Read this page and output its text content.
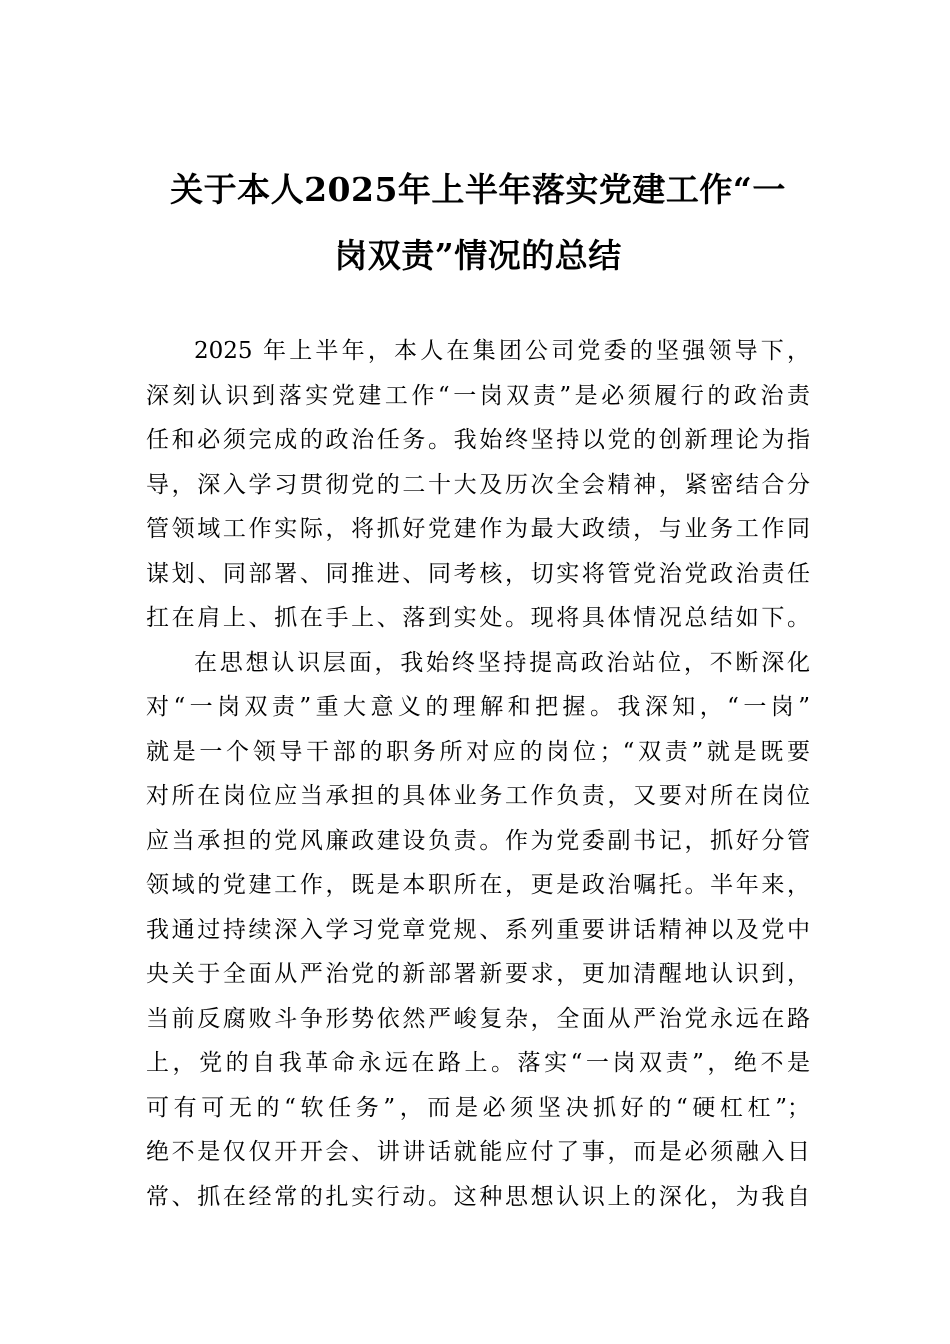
关于本人2025年上半年落实党建工作“一
岗双责”情况的总结
2025 年上半年，本人在集团公司党委的坚强领导下，
深刻认识到落实党建工作“一岗双责”是必须履行的政治责
任和必须完成的政治任务。我始终坚持以党的创新理论为指
导，深入学习贯彻党的二十大及历次全会精神，紧密结合分
管领域工作实际，将抓好党建作为最大政绩，与业务工作同
谋划、同部署、同推进、同考核，切实将管党治党政治责任
扛在肩上、抓在手上、落到实处。现将具体情况总结如下。
在思想认识层面，我始终坚持提高政治站位，不断深化
对“一岗双责”重大意义的理解和把握。我深知，“一岗”
就是一个领导干部的职务所对应的岗位；“双责”就是既要
对所在岗位应当承担的具体业务工作负责，又要对所在岗位
应当承担的党风廉政建设负责。作为党委副书记，抓好分管
领域的党建工作，既是本职所在，更是政治嘱托。半年来，
我通过持续深入学习党章党规、系列重要讲话精神以及党中
央关于全面从严治党的新部署新要求，更加清醒地认识到，
当前反腐败斗争形势依然严峻复杂，全面从严治党永远在路
上，党的自我革命永远在路上。落实“一岗双责”，绝不是
可有可无的“软任务”，而是必须坚决抓好的“硬杠杠”；
绝不是仅仅开开会、讲讲话就能应付了事，而是必须融入日
常、抓在经常的扎实行动。这种思想认识上的深化，为我自
